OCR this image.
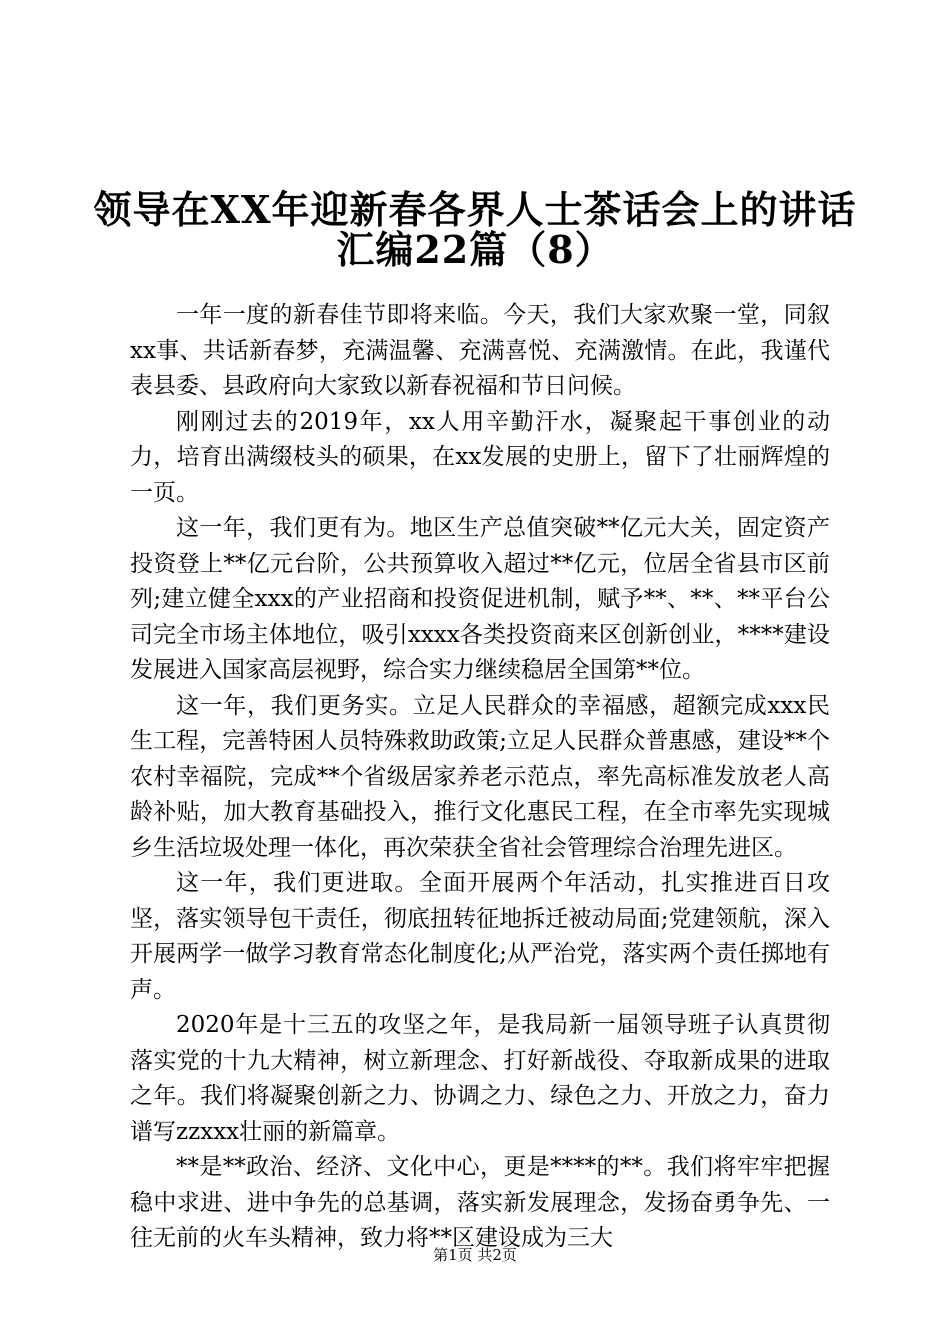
领导在XX年迎新春各界人士茶话会上的讲话
汇编22篇（8）

一年一度的新春佳节即将来临。今天，我们大家欢聚一堂，同叙xx事、共话新春梦，充满温馨、充满喜悦、充满激情。在此，我谨代表县委、县政府向大家致以新春祝福和节日问候。

刚刚过去的2019年，xx人用辛勤汗水，凝聚起干事创业的动力，培育出满缀枝头的硕果，在xx发展的史册上，留下了壮丽辉煌的一页。

这一年，我们更有为。地区生产总值突破**亿元大关，固定资产投资登上**亿元台阶，公共预算收入超过**亿元，位居全省县市区前列;建立健全xxx的产业招商和投资促进机制，赋予**、**、**平台公司完全市场主体地位，吸引xxxx各类投资商来区创新创业，****建设发展进入国家高层视野，综合实力继续稳居全国第**位。

这一年，我们更务实。立足人民群众的幸福感，超额完成xxx民生工程，完善特困人员特殊救助政策;立足人民群众普惠感，建设**个农村幸福院，完成**个省级居家养老示范点，率先高标准发放老人高龄补贴，加大教育基础投入，推行文化惠民工程，在全市率先实现城乡生活垃圾处理一体化，再次荣获全省社会管理综合治理先进区。

这一年，我们更进取。全面开展两个年活动，扎实推进百日攻坚，落实领导包干责任，彻底扭转征地拆迁被动局面;党建领航，深入开展两学一做学习教育常态化制度化;从严治党，落实两个责任掷地有声。

2020年是十三五的攻坚之年，是我局新一届领导班子认真贯彻落实党的十九大精神，树立新理念、打好新战役、夺取新成果的进取之年。我们将凝聚创新之力、协调之力、绿色之力、开放之力，奋力谱写zzxxx壮丽的新篇章。

**是**政治、经济、文化中心，更是****的**。我们将牢牢把握稳中求进、进中争先的总基调，落实新发展理念，发扬奋勇争先、一往无前的火车头精神，致力将**区建设成为三大

第1页 共2页
